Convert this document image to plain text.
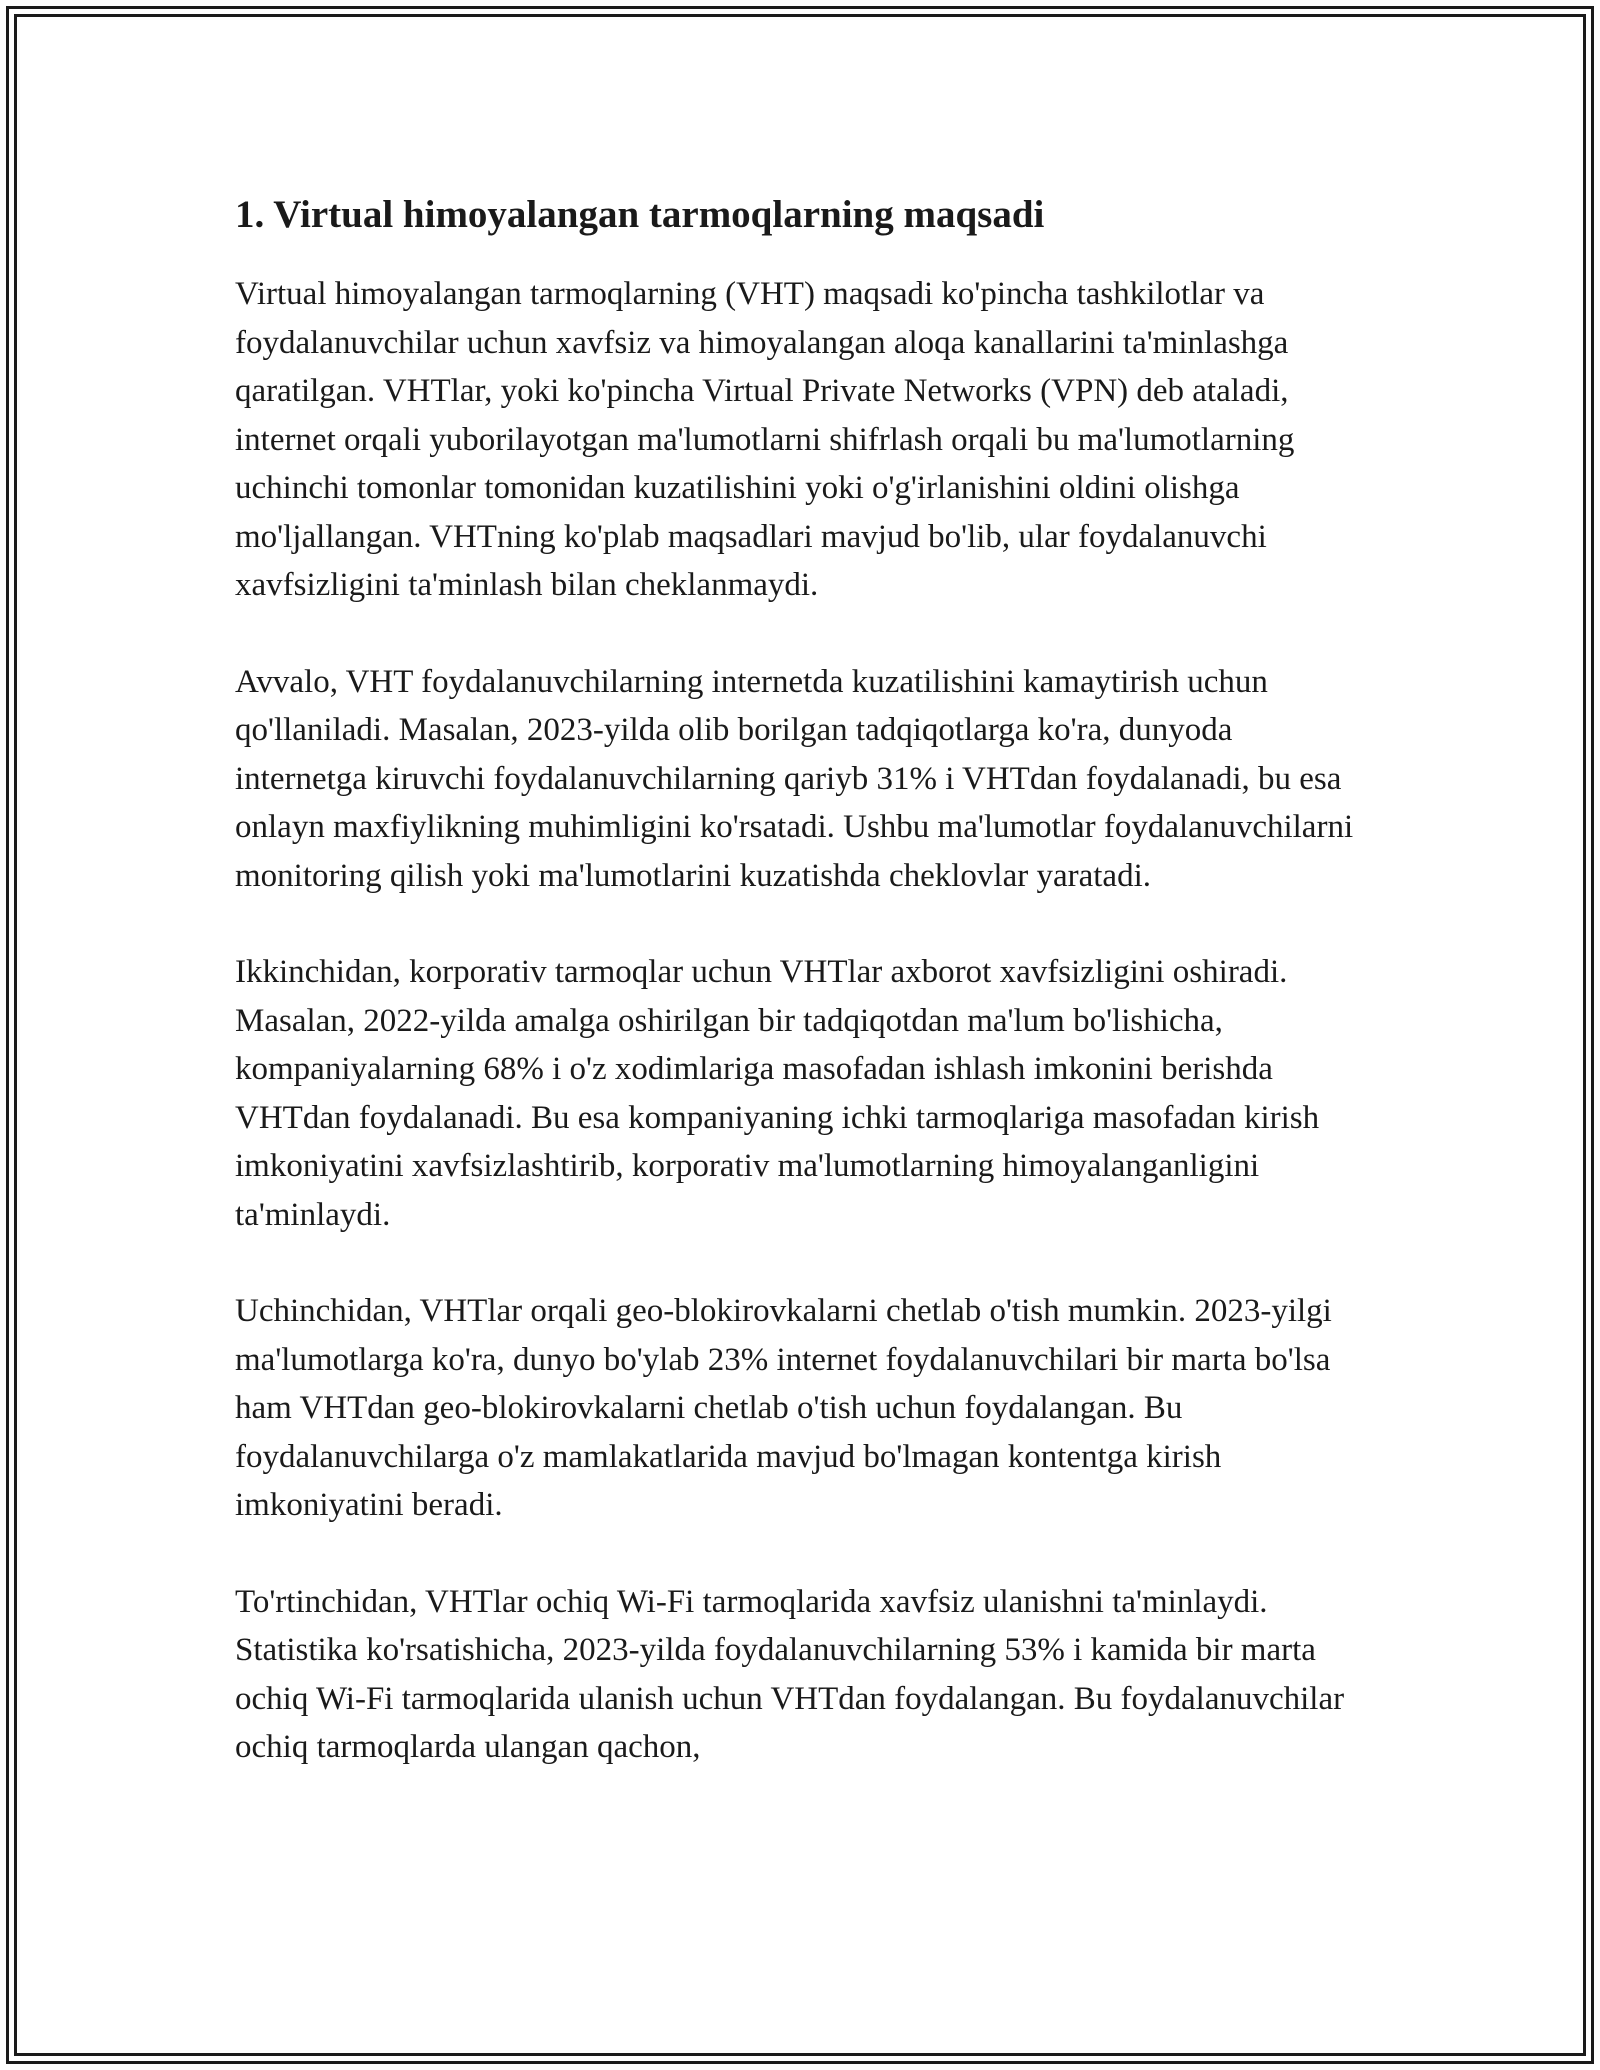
1. Virtual himoyalangan tarmoqlarning maqsadi

Virtual himoyalangan tarmoqlarning (VHT) maqsadi ko'pincha tashkilotlar va foydalanuvchilar uchun xavfsiz va himoyalangan aloqa kanallarini ta'minlashga qaratilgan. VHTlar, yoki ko'pincha Virtual Private Networks (VPN) deb ataladi, internet orqali yuborilayotgan ma'lumotlarni shifrlash orqali bu ma'lumotlarning uchinchi tomonlar tomonidan kuzatilishini yoki o'g'irlanishini oldini olishga mo'ljallangan. VHTning ko'plab maqsadlari mavjud bo'lib, ular foydalanuvchi xavfsizligini ta'minlash bilan cheklanmaydi.

Avvalo, VHT foydalanuvchilarning internetda kuzatilishini kamaytirish uchun qo'llaniladi. Masalan, 2023-yilda olib borilgan tadqiqotlarga ko'ra, dunyoda internetga kiruvchi foydalanuvchilarning qariyb 31% i VHTdan foydalanadi, bu esa onlayn maxfiylikning muhimligini ko'rsatadi. Ushbu ma'lumotlar foydalanuvchilarni monitoring qilish yoki ma'lumotlarini kuzatishda cheklovlar yaratadi.

Ikkinchidan, korporativ tarmoqlar uchun VHTlar axborot xavfsizligini oshiradi. Masalan, 2022-yilda amalga oshirilgan bir tadqiqotdan ma'lum bo'lishicha, kompaniyalarning 68% i o'z xodimlariga masofadan ishlash imkonini berishda VHTdan foydalanadi. Bu esa kompaniyaning ichki tarmoqlariga masofadan kirish imkoniyatini xavfsizlashtirib, korporativ ma'lumotlarning himoyalanganligini ta'minlaydi.

Uchinchidan, VHTlar orqali geo-blokirovkalarni chetlab o'tish mumkin. 2023-yilgi ma'lumotlarga ko'ra, dunyo bo'ylab 23% internet foydalanuvchilari bir marta bo'lsa ham VHTdan geo-blokirovkalarni chetlab o'tish uchun foydalangan. Bu foydalanuvchilarga o'z mamlakatlarida mavjud bo'lmagan kontentga kirish imkoniyatini beradi.

To'rtinchidan, VHTlar ochiq Wi-Fi tarmoqlarida xavfsiz ulanishni ta'minlaydi. Statistika ko'rsatishicha, 2023-yilda foydalanuvchilarning 53% i kamida bir marta ochiq Wi-Fi tarmoqlarida ulanish uchun VHTdan foydalangan. Bu foydalanuvchilar ochiq tarmoqlarda ulangan qachon,
